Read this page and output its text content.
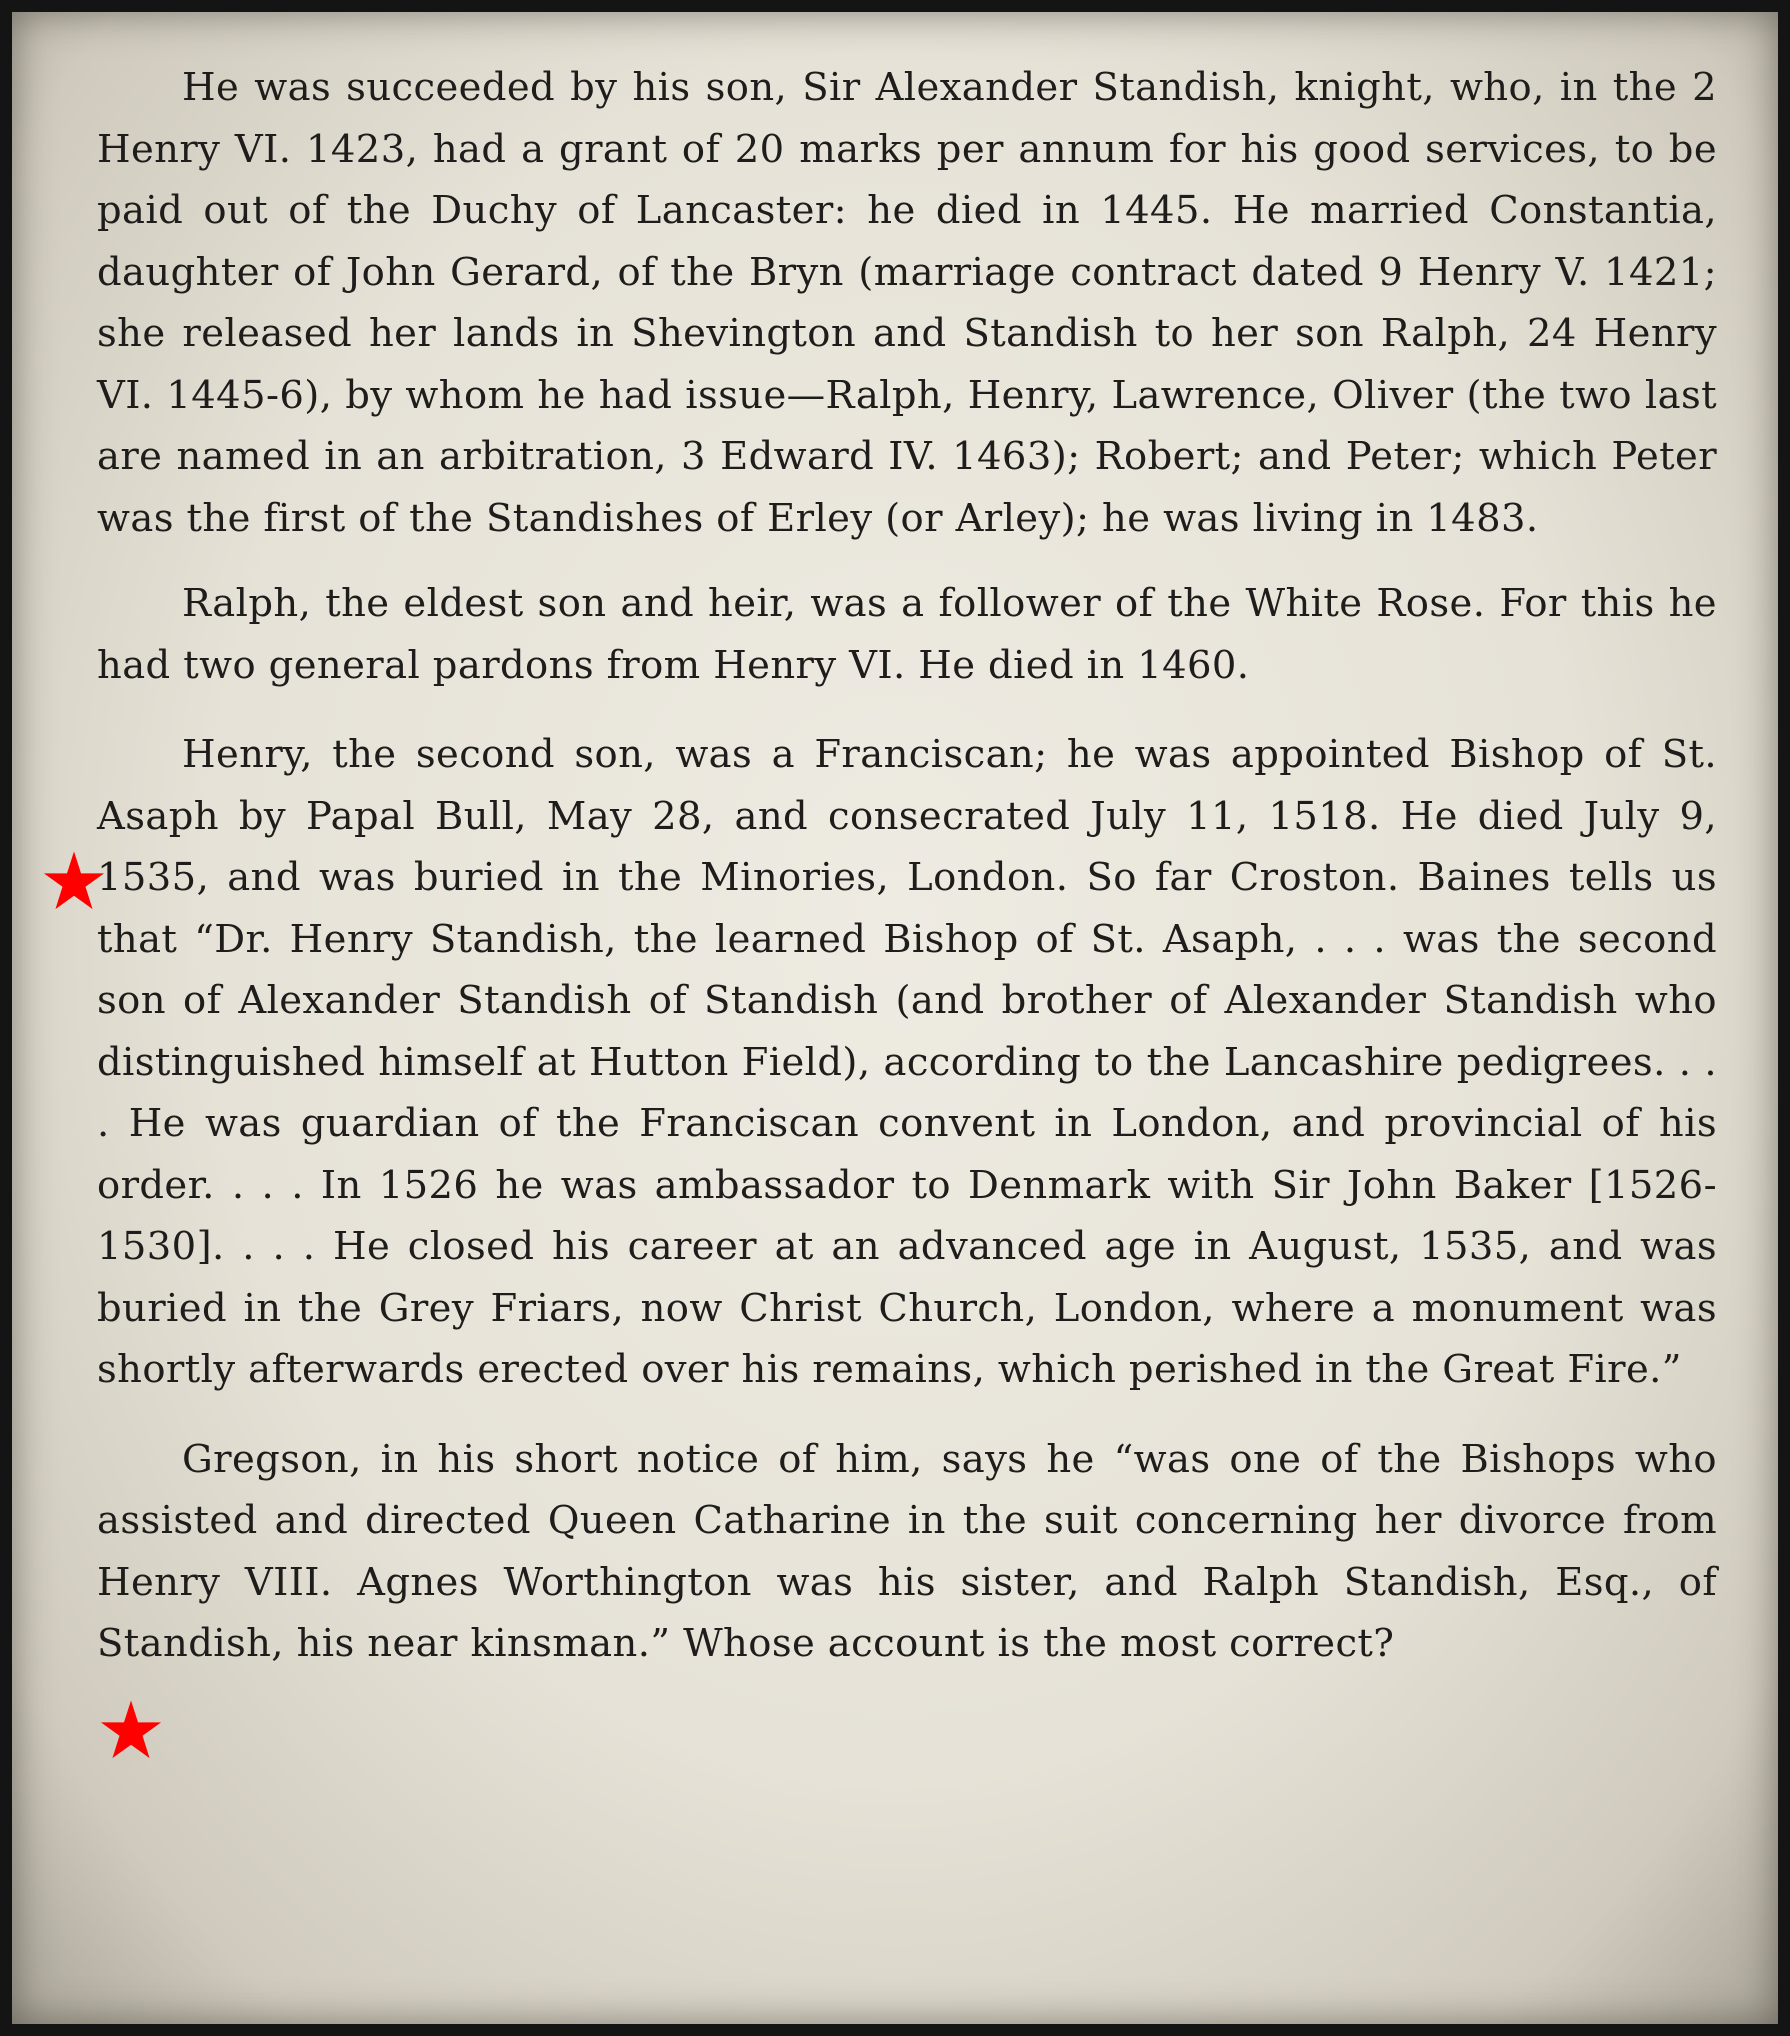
He was succeeded by his son, Sir Alexander Standish, knight, who, in the 2 Henry VI. 1423, had a grant of 20 marks per annum for his good services, to be paid out of the Duchy of Lancaster: he died in 1445. He married Constantia, daughter of John Gerard, of the Bryn (marriage contract dated 9 Henry V. 1421; she released her lands in Shevington and Standish to her son Ralph, 24 Henry VI. 1445-6), by whom he had issue—Ralph, Henry, Lawrence, Oliver (the two last are named in an arbitration, 3 Edward IV. 1463); Robert; and Peter; which Peter was the first of the Standishes of Erley (or Arley); he was living in 1483.

Ralph, the eldest son and heir, was a follower of the White Rose. For this he had two general pardons from Henry VI. He died in 1460.

Henry, the second son, was a Franciscan; he was appointed Bishop of St. Asaph by Papal Bull, May 28, and consecrated July 11, 1518. He died July 9, 1535, and was buried in the Minories, London. So far Croston. Baines tells us that “Dr. Henry Standish, the learned Bishop of St. Asaph, . . . was the second son of Alexander Standish of Standish (and brother of Alexander Standish who distinguished himself at Hutton Field), according to the Lancashire pedigrees. . . . He was guardian of the Franciscan convent in London, and provincial of his order. . . . In 1526 he was ambassador to Denmark with Sir John Baker [1526-1530]. . . . He closed his career at an advanced age in August, 1535, and was buried in the Grey Friars, now Christ Church, London, where a monument was shortly afterwards erected over his remains, which perished in the Great Fire.”

Gregson, in his short notice of him, says he “was one of the Bishops who assisted and directed Queen Catharine in the suit concerning her divorce from Henry VIII. Agnes Worthington was his sister, and Ralph Standish, Esq., of Standish, his near kinsman.” Whose account is the most correct?
